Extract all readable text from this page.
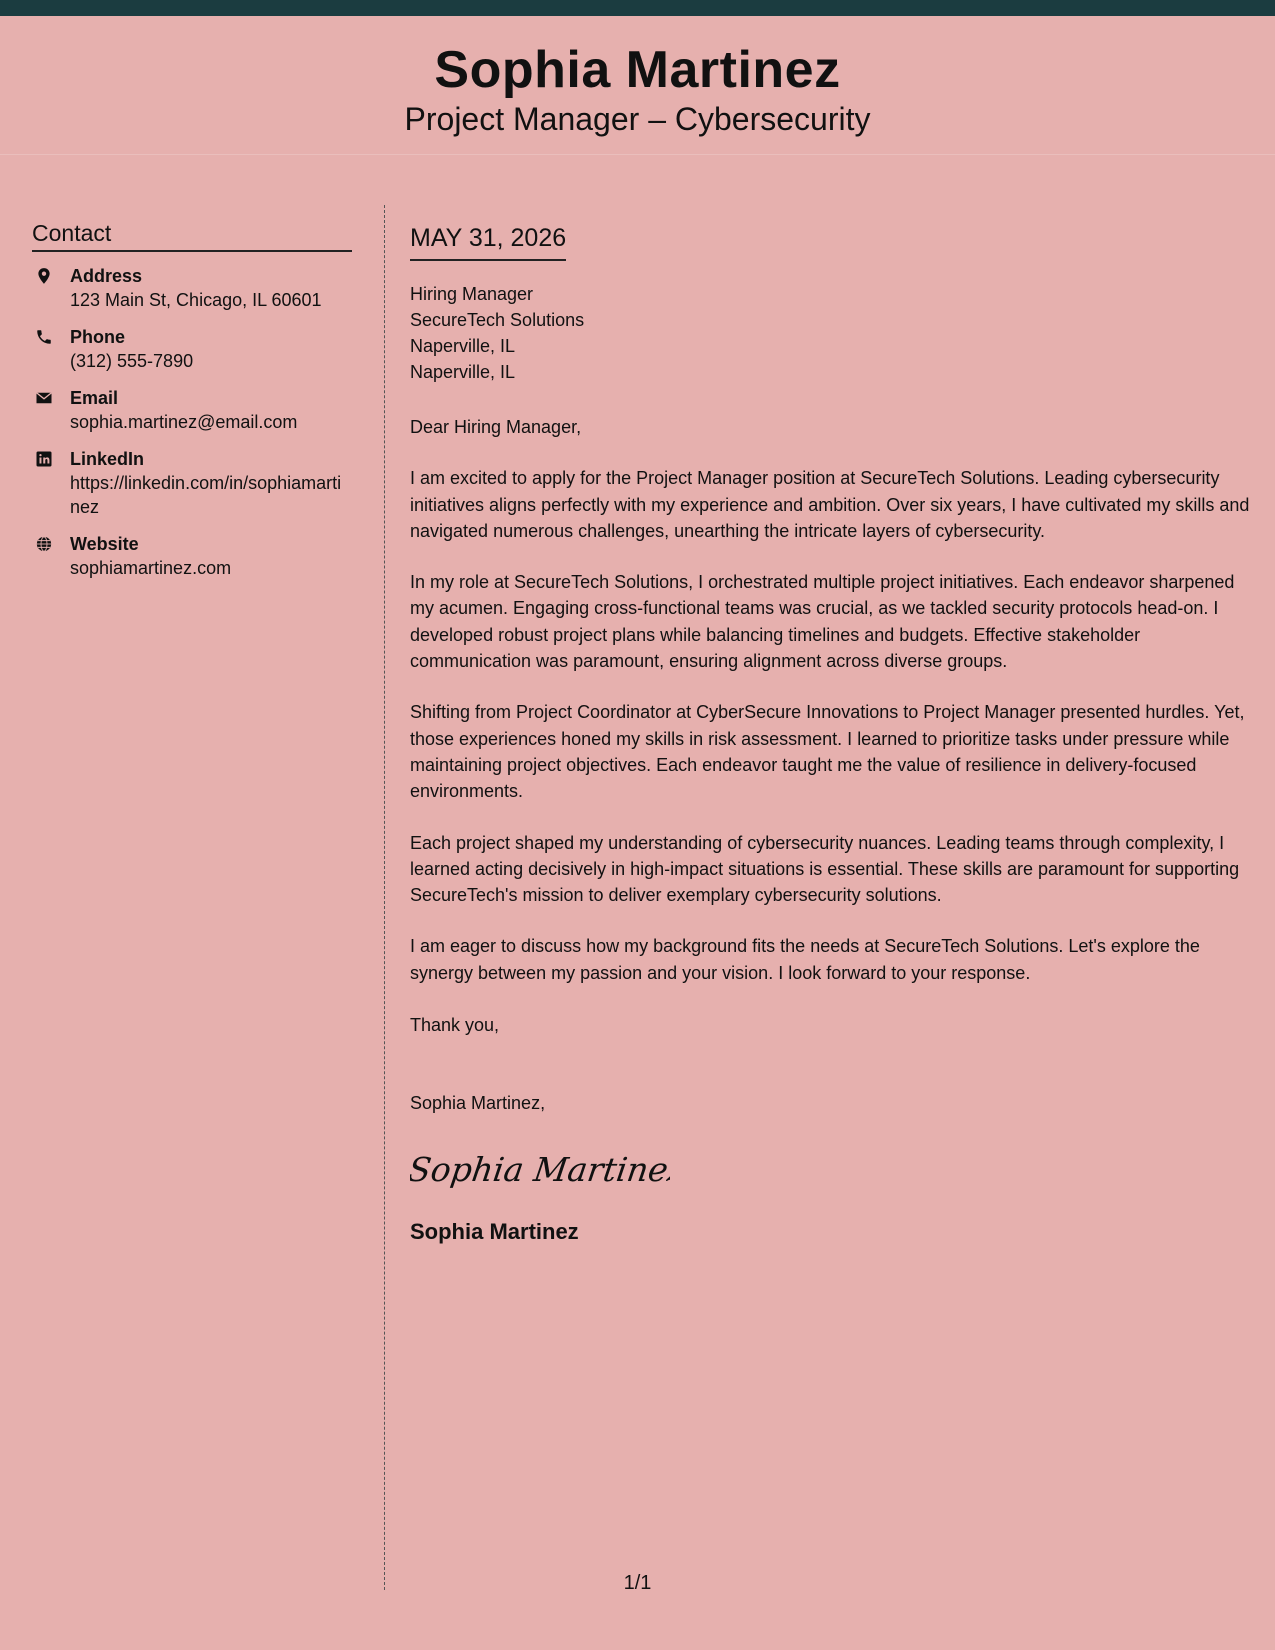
Sophia Martinez
Project Manager – Cybersecurity
Contact
Address
123 Main St, Chicago, IL 60601
Phone
(312) 555-7890
Email
sophia.martinez@email.com
LinkedIn
https://linkedin.com/in/sophiamartinez
Website
sophiamartinez.com
MAY 31, 2026
Hiring Manager
SecureTech Solutions
Naperville, IL
Naperville, IL
Dear Hiring Manager,

I am excited to apply for the Project Manager position at SecureTech Solutions. Leading cybersecurity initiatives aligns perfectly with my experience and ambition. Over six years, I have cultivated my skills and navigated numerous challenges, unearthing the intricate layers of cybersecurity.

In my role at SecureTech Solutions, I orchestrated multiple project initiatives. Each endeavor sharpened my acumen. Engaging cross-functional teams was crucial, as we tackled security protocols head-on. I developed robust project plans while balancing timelines and budgets. Effective stakeholder communication was paramount, ensuring alignment across diverse groups.

Shifting from Project Coordinator at CyberSecure Innovations to Project Manager presented hurdles. Yet, those experiences honed my skills in risk assessment. I learned to prioritize tasks under pressure while maintaining project objectives. Each endeavor taught me the value of resilience in delivery-focused environments.

Each project shaped my understanding of cybersecurity nuances. Leading teams through complexity, I learned acting decisively in high-impact situations is essential. These skills are paramount for supporting SecureTech's mission to deliver exemplary cybersecurity solutions.

I am eager to discuss how my background fits the needs at SecureTech Solutions. Let's explore the synergy between my passion and your vision. I look forward to your response.

Thank you,
Sophia Martinez,
Sophia Martinez
Sophia Martinez
1/1
